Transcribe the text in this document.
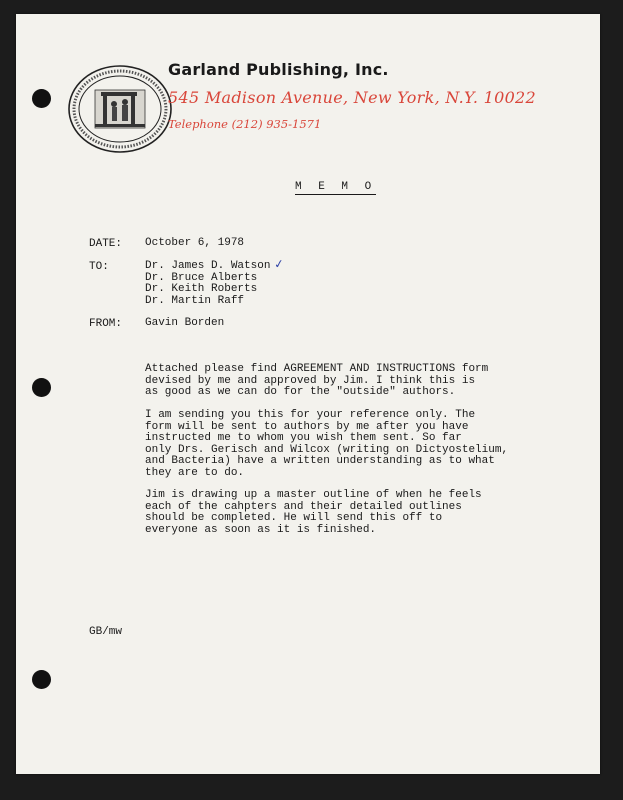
Garland Publishing, Inc.
545 Madison Avenue, New York, N.Y. 10022
Telephone (212) 935-1571
M E M O
DATE: October 6, 1978
TO:	Dr. James D. Watson
Dr. Bruce Alberts
Dr. Keith Roberts
Dr. Martin Raff
✓
FROM: Gavin Borden
Attached please find AGREEMENT AND INSTRUCTIONS form
devised by me and approved by Jim. I think this is
as good as we can do for the "outside" authors.
I am sending you this for your reference only. The
form will be sent to authors by me after you have
instructed me to whom you wish them sent. So far
only Drs. Gerisch and Wilcox (writing on Dictyostelium,
and Bacteria) have a written understanding as to what
they are to do.
Jim is drawing up a master outline of when he feels
each of the cahpters and their detailed outlines
should be completed. He will send this off to
everyone as soon as it is finished.
GB/mw
